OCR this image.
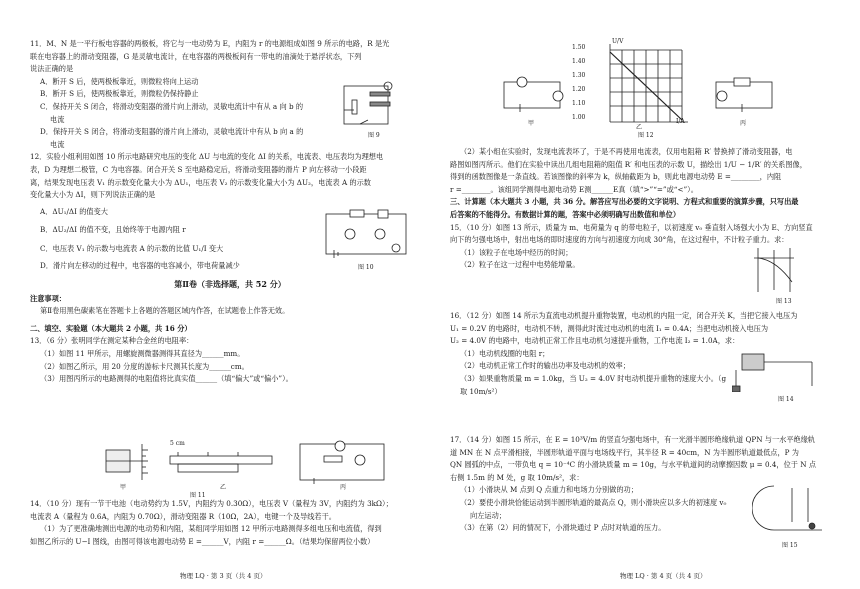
11．M、N 是一平行板电容器的两极板，将它与一电动势为 E，内阻为 r 的电源组成如图 9 所示的电路，R 是光

联在电容器上的滑动变阻器，G 是灵敏电流计，在电容器的两极板间有一带电的油滴处于悬浮状态，下列

说法正确的是

A．断开 S 后，使两极板靠近，则微粒将向上运动

B．断开 S 后，使两极板靠近，则微粒仍保持静止

C．保持开关 S 闭合，将滑动变阻器的滑片向上滑动，灵敏电流计中有从 a 向 b 的

电流

D．保持开关 S 闭合，将滑动变阻器的滑片向上滑动，灵敏电流计中有从 b 向 a 的

电流

12．实验小组利用如图 10 所示电路研究电压的变化 ΔU 与电流的变化 ΔI 的关系，电流表、电压表均为理想电

表，D 为理想二极管，C 为电容器。闭合开关 S 至电路稳定后，将滑动变阻器的滑片 P 向左移动一小段距

离，结果发现电压表 V₁ 的示数变化量大小为 ΔU₁，电压表 V₂ 的示数变化量大小为 ΔU₂，电流表 A 的示数

变化量大小为 ΔI，则下列说法正确的是

A．ΔU₁/ΔI 的值变大

B．ΔU₂/ΔI 的值不变，且始终等于电源内阻 r

C．电压表 V₁ 的示数与电流表 A 的示数的比值 U₁/I 变大

D．滑片向左移动的过程中，电容器的电容减小，带电荷量减少

第Ⅱ卷（非选择题，共 52 分）

注意事项：

第Ⅱ卷用黑色碳素笔在答题卡上各题的答题区域内作答，在试题卷上作答无效。

二、填空、实验题（本大题共 2 小题，共 16 分）

13．（6 分）张明同学在测定某种合金丝的电阻率：

（1）如图 11 甲所示，用螺旋测微器测得其直径为______mm。

（2）如图乙所示，用 20 分度的游标卡尺测其长度为______cm。

（3）用图丙所示的电路测得的电阻值将比真实值______（填“偏大”或“偏小”）。

14．（10 分）现有一节干电池（电动势约为 1.5V，内阻约为 0.30Ω），电压表 V（量程为 3V，内阻约为 3kΩ）；

电流表 A（量程为 0.6A，内阻为 0.70Ω），滑动变阻器 R（10Ω，2A），电键一个及导线若干。

（1）为了更准确地测出电源的电动势和内阻，某组同学用如图 12 甲所示电路测得多组电压和电流值，得到

如图乙所示的 U−I 图线，由图可得该电源电动势 E =______V，内阻 r =______Ω。（结果均保留两位小数）

图 9
图 10
图 11
甲	乙	丙
5 cm
1.50
1.40
1.30
1.20
1.10
1.00
U/V
I/A
图 12
甲
乙
丙

（2）某小组在实验时，发现电流表坏了，于是不再使用电流表，仅用电阻箱 R′ 替换掉了滑动变阻器，电

路图如图丙所示。他们在实验中读出几组电阻箱的阻值 R′ 和电压表的示数 U，描绘出 1/U − 1/R′ 的关系图像，

得到的函数图像是一条直线。若该图像的斜率为 k，纵轴截距为 b，则此电源电动势 E =________，内阻

r =________。该组同学测得电源电动势 E测______E真（填“>”“=”或“<”）。

三、计算题（本大题共 3 小题，共 36 分。解答应写出必要的文字说明、方程式和重要的演算步骤，只写出最

后答案的不能得分。有数据计算的题，答案中必须明确写出数值和单位）

15．（10 分）如图 13 所示，质量为 m、电荷量为 q 的带电粒子，以初速度 v₀ 垂直射入场强大小为 E、方向竖直

向下的匀强电场中，射出电场的即时速度的方向与初速度方向成 30°角，在这过程中，不计粒子重力。求：

（1）该粒子在电场中经历的时间；

（2）粒子在这一过程中电势能增量。

图 13

16．（12 分）如图 14 所示为直流电动机提升重物装置，电动机的内阻一定，闭合开关 K，当把它接入电压为

U₁ = 0.2V 的电路时，电动机不转，测得此时流过电动机的电流 I₁ = 0.4A；当把电动机接入电压为

U₂ = 4.0V 的电路中，电动机正常工作且电动机匀速提升重物，工作电流 I₂ = 1.0A，求：

（1）电动机线圈的电阻 r；

（2）电动机正常工作时的输出功率及电动机的效率；

（3）如果重物质量 m = 1.0kg，当 U₂ = 4.0V 时电动机提升重物的速度大小。（g

取 10m/s²）

图 14

17．（14 分）如图 15 所示，在 E = 10³V/m 的竖直匀强电场中，有一光滑半圆形绝缘轨道 QPN 与一水平绝缘轨

道 MN 在 N 点平滑相接，半圆形轨道平面与电场线平行，其半径 R = 40cm，N 为半圆形轨道最低点，P 为

QN 圆弧的中点，一带负电 q = 10⁻⁴C 的小滑块质量 m = 10g，与水平轨道间的动摩擦因数 μ = 0.4，位于 N 点

右侧 1.5m 的 M 处，g 取 10m/s²，求：

（1）小滑块从 M 点到 Q 点重力和电场力分别做的功；

（2）要使小滑块恰能运动到半圆形轨道的最高点 Q，则小滑块应以多大的初速度 v₀

向左运动；

（3）在第（2）问的情况下，小滑块通过 P 点时对轨道的压力。

图 15
物理 LQ · 第 3 页（共 4 页）	物理 LQ · 第 4 页（共 4 页）
